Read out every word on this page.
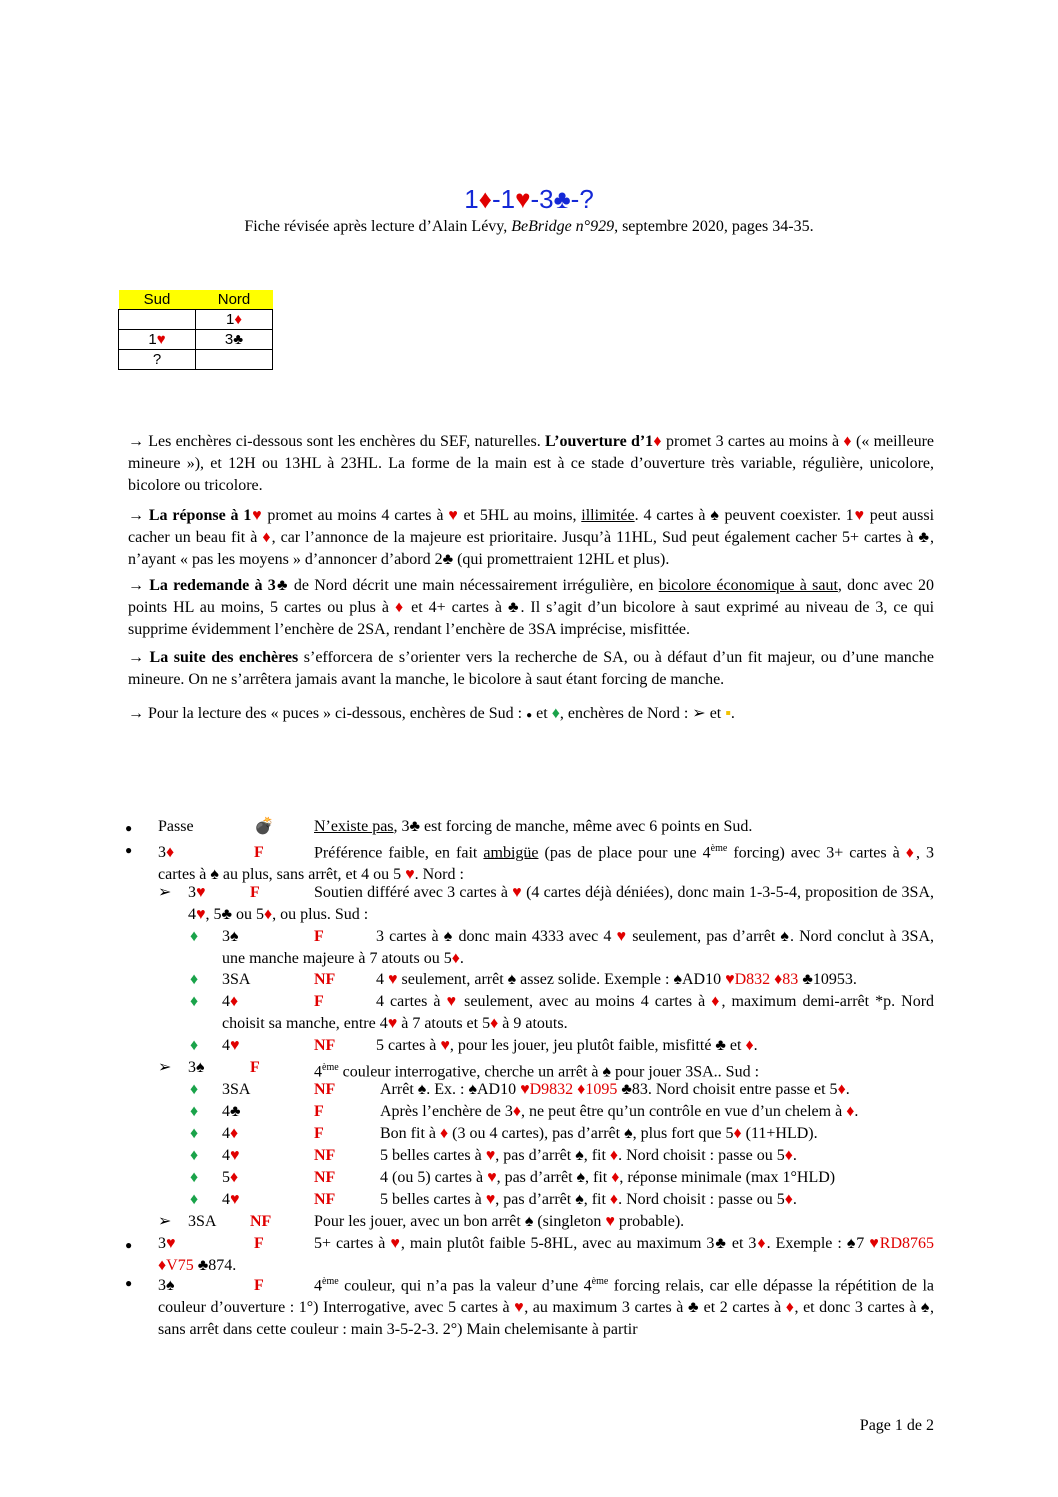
1♦-1♥-3♣-?
Fiche révisée après lecture d’Alain Lévy, BeBridge n°929, septembre 2020, pages 34-35.
Sud	Nord
	1♦
1♥	3♣
?	

→ Les enchères ci-dessous sont les enchères du SEF, naturelles. L’ouverture d’1♦ promet 3 cartes au moins à ♦ (« meilleure mineure »), et 12H ou 13HL à 23HL. La forme de la main est à ce stade d’ouverture très variable, régulière, unicolore, bicolore ou tricolore.

→ La réponse à 1♥ promet au moins 4 cartes à ♥ et 5HL au moins, illimitée. 4 cartes à ♠ peuvent coexister. 1♥ peut aussi cacher un beau fit à ♦, car l’annonce de la majeure est prioritaire. Jusqu’à 11HL, Sud peut également cacher 5+ cartes à ♣, n’ayant « pas les moyens » d’annoncer d’abord 2♣ (qui promettraient 12HL et plus).

→ La redemande à 3♣ de Nord décrit une main nécessairement irrégulière, en bicolore économique à saut, donc avec 20 points HL au moins, 5 cartes ou plus à ♦ et 4+ cartes à ♣. Il s’agit d’un bicolore à saut exprimé au niveau de 3, ce qui supprime évidemment l’enchère de 2SA, rendant l’enchère de 3SA imprécise, misfittée.

→ La suite des enchères s’efforcera de s’orienter vers la recherche de SA, ou à défaut d’un fit majeur, ou d’une manche mineure. On ne s’arrêtera jamais avant la manche, le bicolore à saut étant forcing de manche.

→ Pour la lecture des « puces » ci-dessous, enchères de Sud : ● et ♦, enchères de Nord : ➢ et ▪.

● Passe	💣	N’existe pas, 3♣ est forcing de manche, même avec 6 points en Sud.
● 3♦	F	Préférence faible, en fait ambigüe (pas de place pour une 4ème forcing) avec 3+ cartes à ♦, 3 cartes à ♠ au plus, sans arrêt, et 4 ou 5 ♥. Nord :
➢ 3♥	F	Soutien différé avec 3 cartes à ♥ (4 cartes déjà déniées), donc main 1-3-5-4, proposition de 3SA, 4♥, 5♣ ou 5♦, ou plus. Sud :
♦ 3♠	F	3 cartes à ♠ donc main 4333 avec 4 ♥ seulement, pas d’arrêt ♠. Nord conclut à 3SA, une manche majeure à 7 atouts ou 5♦.
♦ 3SA	NF	4 ♥ seulement, arrêt ♠ assez solide. Exemple : ♠AD10 ♥D832 ♦83 ♣10953.
♦ 4♦	F	4 cartes à ♥ seulement, avec au moins 4 cartes à ♦, maximum demi-arrêt *p. Nord choisit sa manche, entre 4♥ à 7 atouts et 5♦ à 9 atouts.
♦ 4♥	NF	5 cartes à ♥, pour les jouer, jeu plutôt faible, misfitté ♣ et ♦.
➢ 3♠	F	4ème couleur interrogative, cherche un arrêt à ♠ pour jouer 3SA.. Sud :
♦ 3SA	NF	Arrêt ♠. Ex. : ♠AD10 ♥D9832 ♦1095 ♣83. Nord choisit entre passe et 5♦.
♦ 4♣	F	Après l’enchère de 3♦, ne peut être qu’un contrôle en vue d’un chelem à ♦.
♦ 4♦	F	Bon fit à ♦ (3 ou 4 cartes), pas d’arrêt ♠, plus fort que 5♦ (11+HLD).
♦ 4♥	NF	5 belles cartes à ♥, pas d’arrêt ♠, fit ♦. Nord choisit : passe ou 5♦.
♦ 5♦	NF	4 (ou 5) cartes à ♥, pas d’arrêt ♠, fit ♦, réponse minimale (max 1°HLD)
♦ 4♥	NF	5 belles cartes à ♥, pas d’arrêt ♠, fit ♦. Nord choisit : passe ou 5♦.
➢ 3SA NF	Pour les jouer, avec un bon arrêt ♠ (singleton ♥ probable).
● 3♥	F	5+ cartes à ♥, main plutôt faible 5-8HL, avec au maximum 3♣ et 3♦. Exemple : ♠7 ♥RD8765 ♦V75 ♣874.
● 3♠	F	4ème couleur, qui n’a pas la valeur d’une 4ème forcing relais, car elle dépasse la répétition de la couleur d’ouverture : 1°) Interrogative, avec 5 cartes à ♥, au maximum 3 cartes à ♣ et 2 cartes à ♦, et donc 3 cartes à ♠, sans arrêt dans cette couleur : main 3-5-2-3. 2°) Main chelemisante à partir
Page 1 de 2
